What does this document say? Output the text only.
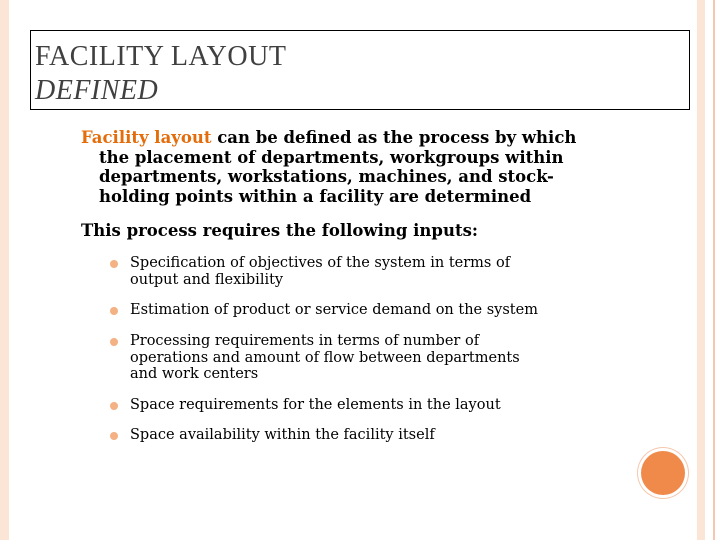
FACILITY LAYOUT
DEFINED
Facility layout can be defined as the process by which
the placement of departments, workgroups within
departments, workstations, machines, and stock-
holding points within a facility are determined
This process requires the following inputs:
Specification of objectives of the system in terms of
output and flexibility
Estimation of product or service demand on the system
Processing requirements in terms of number of
operations and amount of flow between departments
and work centers
Space requirements for the elements in the layout
Space availability within the facility itself
